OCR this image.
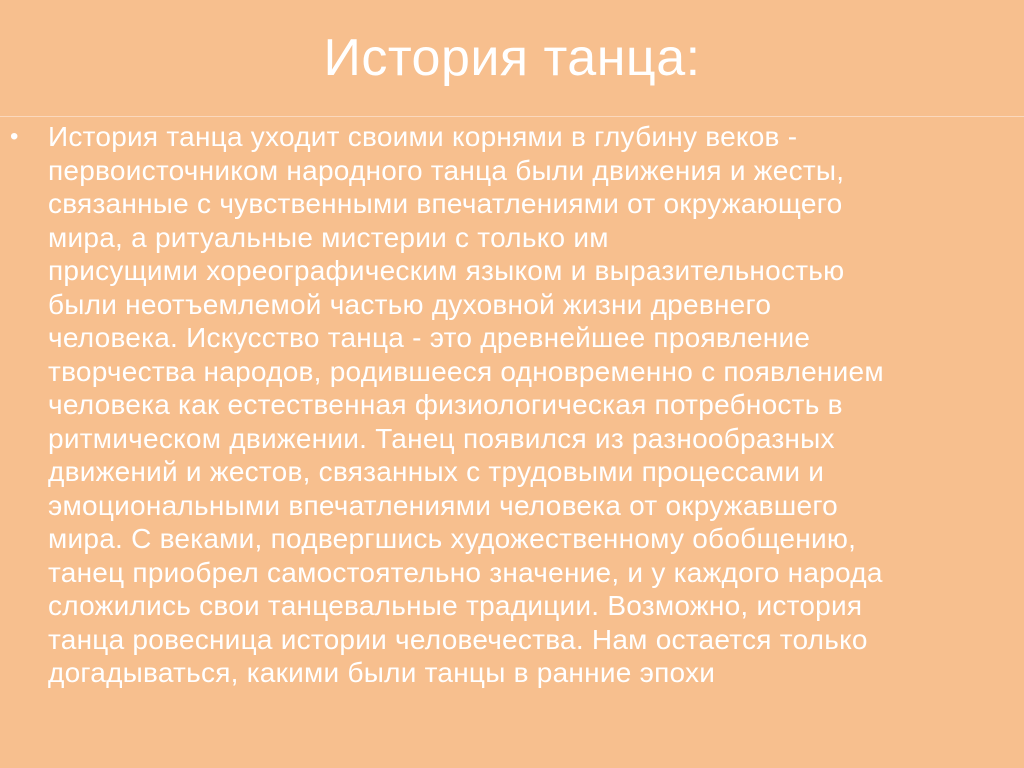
История танца:
• История танца уходит своими корнями в глубину веков -
первоисточником народного танца были движения и жесты,
связанные с чувственными впечатлениями от окружающего
мира, а ритуальные мистерии с только им
присущими хореографическим языком и выразительностью
были неотъемлемой частью духовной жизни древнего
человека. Искусство танца - это древнейшее проявление
творчества народов, родившееся одновременно с появлением
человека как естественная физиологическая потребность в
ритмическом движении. Танец появился из разнообразных
движений и жестов, связанных с трудовыми процессами и
эмоциональными впечатлениями человека от окружавшего
мира. С веками, подвергшись художественному обобщению,
танец приобрел самостоятельно значение, и у каждого народа
сложились свои танцевальные традиции. Возможно, история
танца ровесница истории человечества. Нам остается только
догадываться, какими были танцы в ранние эпохи
